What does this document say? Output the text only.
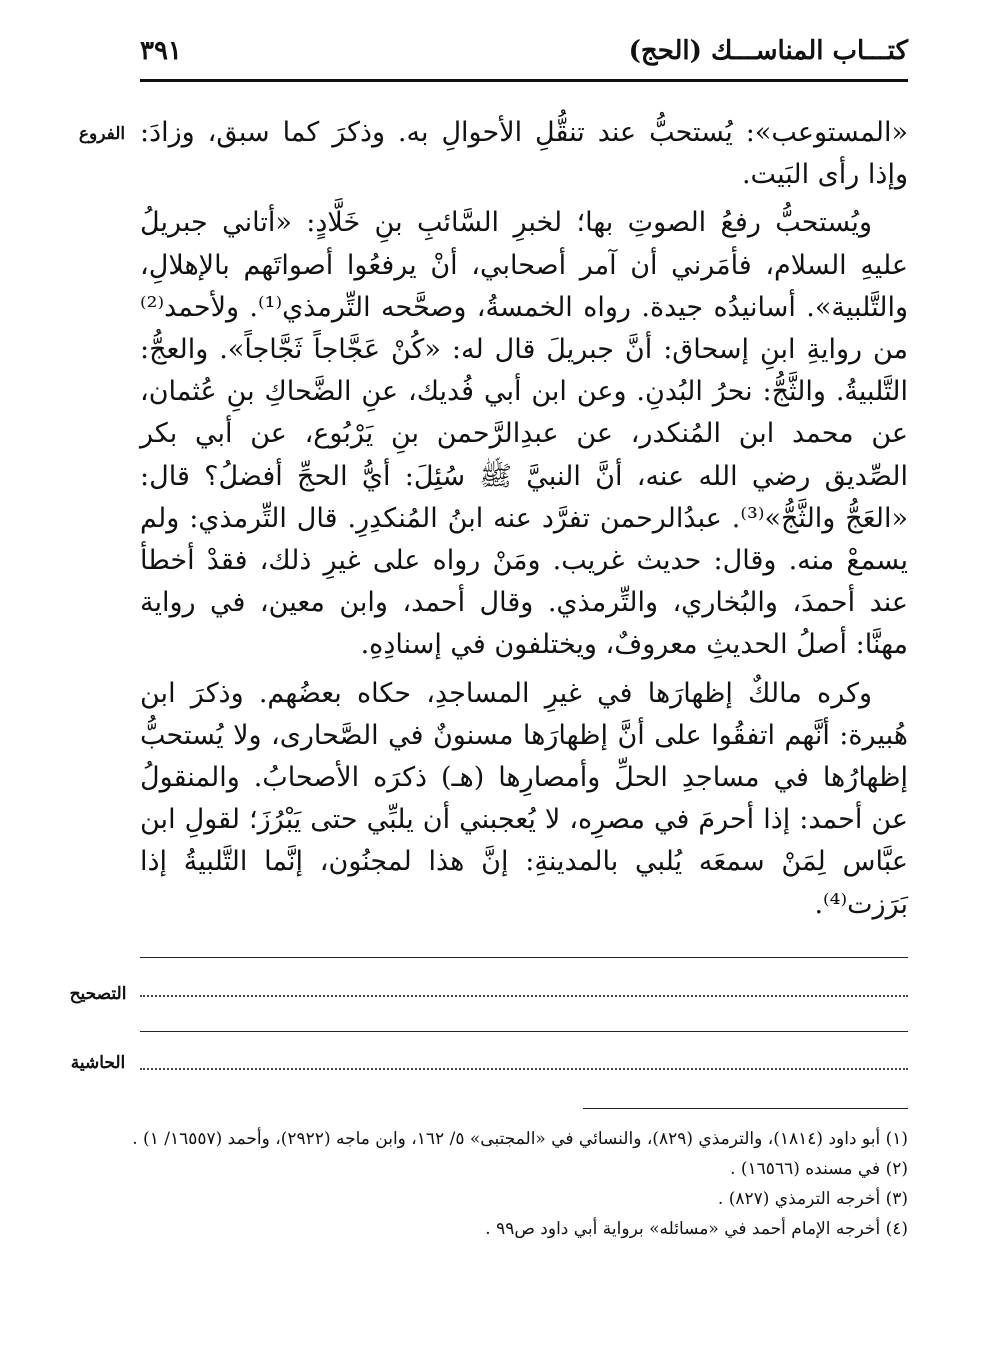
كتـــاب المناســـك (الحج)
٣٩١
الفروع «المستوعب»: يُستحبُّ عند تنقُّلِ الأحوالِ به. وذكرَ كما سبق، وزادَ: وإذا رأى البَيت.

ويُستحبُّ رفعُ الصوتِ بها؛ لخبرِ السَّائبِ بنِ خَلَّادٍ: «أتاني جبريلُ عليهِ السلام، فأمَرني أن آمر أصحابي، أنْ يرفعُوا أصواتَهم بالإهلالِ، والتَّلبية». أسانيدُه جيدة. رواه الخمسةُ، وصحَّحه التِّرمذي⁽¹⁾. ولأحمد⁽²⁾ من روايةِ ابنِ إسحاق: أنَّ جبريلَ قال له: «كُنْ عَجَّاجاً ثَجَّاجاً». والعجُّ: التَّلبيةُ. والثَّجُّ: نحرُ البُدنِ. وعن ابن أبي فُديك، عنِ الضَّحاكِ بنِ عُثمان، عن محمد ابن المُنكدر، عن عبدِالرَّحمن بنِ يَرْبُوع، عن أبي بكر الصِّديق رضي الله عنه، أنَّ النبيَّ ﷺ سُئِلَ: أيُّ الحجِّ أفضلُ؟ قال: «العَجُّ والثَّجُّ»⁽³⁾. عبدُالرحمن تفرَّد عنه ابنُ المُنكدِرِ. قال التِّرمذي: ولم يسمعْ منه. وقال: حديث غريب. ومَنْ رواه على غيرِ ذلك، فقدْ أخطأ عند أحمدَ، والبُخاري، والتِّرمذي. وقال أحمد، وابن معين، في رواية مهنَّا: أصلُ الحديثِ معروفٌ، ويختلفون في إسنادِهِ.

وكره مالكٌ إظهارَها في غيرِ المساجدِ، حكاه بعضُهم. وذكرَ ابن هُبيرة: أنَّهم اتفقُوا على أنَّ إظهارَها مسنونٌ في الصَّحارى، ولا يُستحبُّ إظهارُها في مساجدِ الحلِّ وأمصارِها (هـ) ذكرَه الأصحابُ. والمنقولُ عن أحمد: إذا أحرمَ في مصرِه، لا يُعجبني أن يلبِّي حتى يَبْرُزَ؛ لقولِ ابن عبَّاس لِمَنْ سمعَه يُلبي بالمدينةِ: إنَّ هذا لمجنُون، إنَّما التَّلبيةُ إذا بَرَزت⁽⁴⁾.

التصحيح
الحاشية
(١) أبو داود (١٨١٤)، والترمذي (٨٢٩)، والنسائي في «المجتبى» ٥/ ١٦٢، وابن ماجه (٢٩٢٢)، وأحمد (١٦٥٥٧/ ١) .
(٢) في مسنده (١٦٥٦٦) .
(٣) أخرجه الترمذي (٨٢٧) .
(٤) أخرجه الإمام أحمد في «مسائله» برواية أبي داود ص٩٩ .
